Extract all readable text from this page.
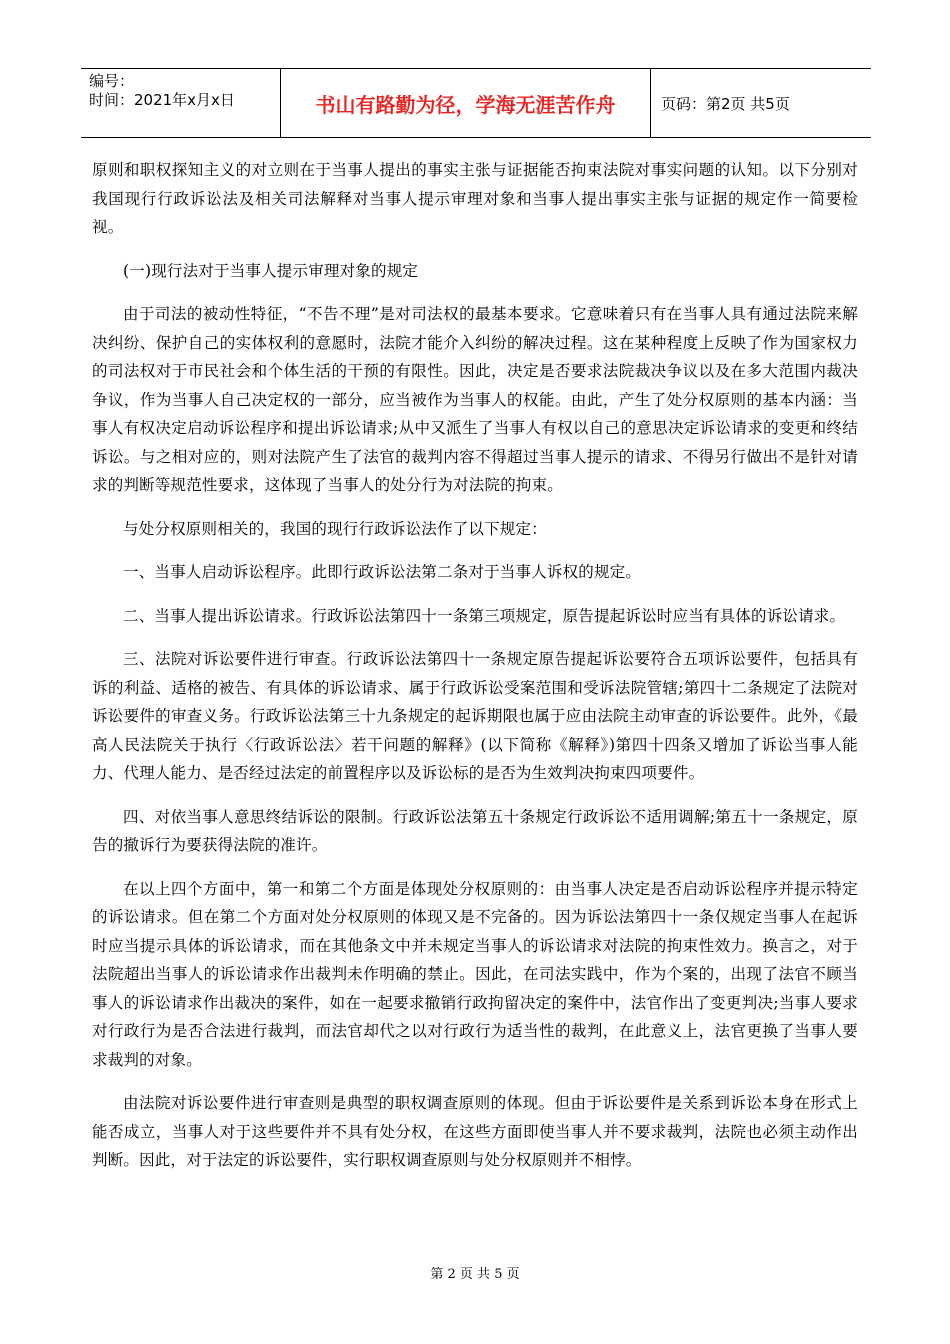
编号：
时间：2021年x月x日	书山有路勤为径，学海无涯苦作舟	页码：第2页 共5页

原则和职权探知主义的对立则在于当事人提出的事实主张与证据能否拘束法院对事实问题的认知。以下分别对我国现行行政诉讼法及相关司法解释对当事人提示审理对象和当事人提出事实主张与证据的规定作一简要检视。

(一)现行法对于当事人提示审理对象的规定

由于司法的被动性特征，“不告不理”是对司法权的最基本要求。它意味着只有在当事人具有通过法院来解决纠纷、保护自己的实体权利的意愿时，法院才能介入纠纷的解决过程。这在某种程度上反映了作为国家权力的司法权对于市民社会和个体生活的干预的有限性。因此，决定是否要求法院裁决争议以及在多大范围内裁决争议，作为当事人自己决定权的一部分，应当被作为当事人的权能。由此，产生了处分权原则的基本内涵：当事人有权决定启动诉讼程序和提出诉讼请求;从中又派生了当事人有权以自己的意思决定诉讼请求的变更和终结诉讼。与之相对应的，则对法院产生了法官的裁判内容不得超过当事人提示的请求、不得另行做出不是针对请求的判断等规范性要求，这体现了当事人的处分行为对法院的拘束。

与处分权原则相关的，我国的现行行政诉讼法作了以下规定：

一、当事人启动诉讼程序。此即行政诉讼法第二条对于当事人诉权的规定。

二、当事人提出诉讼请求。行政诉讼法第四十一条第三项规定，原告提起诉讼时应当有具体的诉讼请求。

三、法院对诉讼要件进行审查。行政诉讼法第四十一条规定原告提起诉讼要符合五项诉讼要件，包括具有诉的利益、适格的被告、有具体的诉讼请求、属于行政诉讼受案范围和受诉法院管辖;第四十二条规定了法院对诉讼要件的审查义务。行政诉讼法第三十九条规定的起诉期限也属于应由法院主动审查的诉讼要件。此外，《最高人民法院关于执行〈行政诉讼法〉若干问题的解释》(以下简称《解释》)第四十四条又增加了诉讼当事人能力、代理人能力、是否经过法定的前置程序以及诉讼标的是否为生效判决拘束四项要件。

四、对依当事人意思终结诉讼的限制。行政诉讼法第五十条规定行政诉讼不适用调解;第五十一条规定，原告的撤诉行为要获得法院的准许。

在以上四个方面中，第一和第二个方面是体现处分权原则的：由当事人决定是否启动诉讼程序并提示特定的诉讼请求。但在第二个方面对处分权原则的体现又是不完备的。因为诉讼法第四十一条仅规定当事人在起诉时应当提示具体的诉讼请求，而在其他条文中并未规定当事人的诉讼请求对法院的拘束性效力。换言之，对于法院超出当事人的诉讼请求作出裁判未作明确的禁止。因此，在司法实践中，作为个案的，出现了法官不顾当事人的诉讼请求作出裁决的案件，如在一起要求撤销行政拘留决定的案件中，法官作出了变更判决;当事人要求对行政行为是否合法进行裁判，而法官却代之以对行政行为适当性的裁判，在此意义上，法官更换了当事人要求裁判的对象。

由法院对诉讼要件进行审查则是典型的职权调查原则的体现。但由于诉讼要件是关系到诉讼本身在形式上能否成立，当事人对于这些要件并不具有处分权，在这些方面即使当事人并不要求裁判，法院也必须主动作出判断。因此，对于法定的诉讼要件，实行职权调查原则与处分权原则并不相悖。

第 2 页 共 5 页
